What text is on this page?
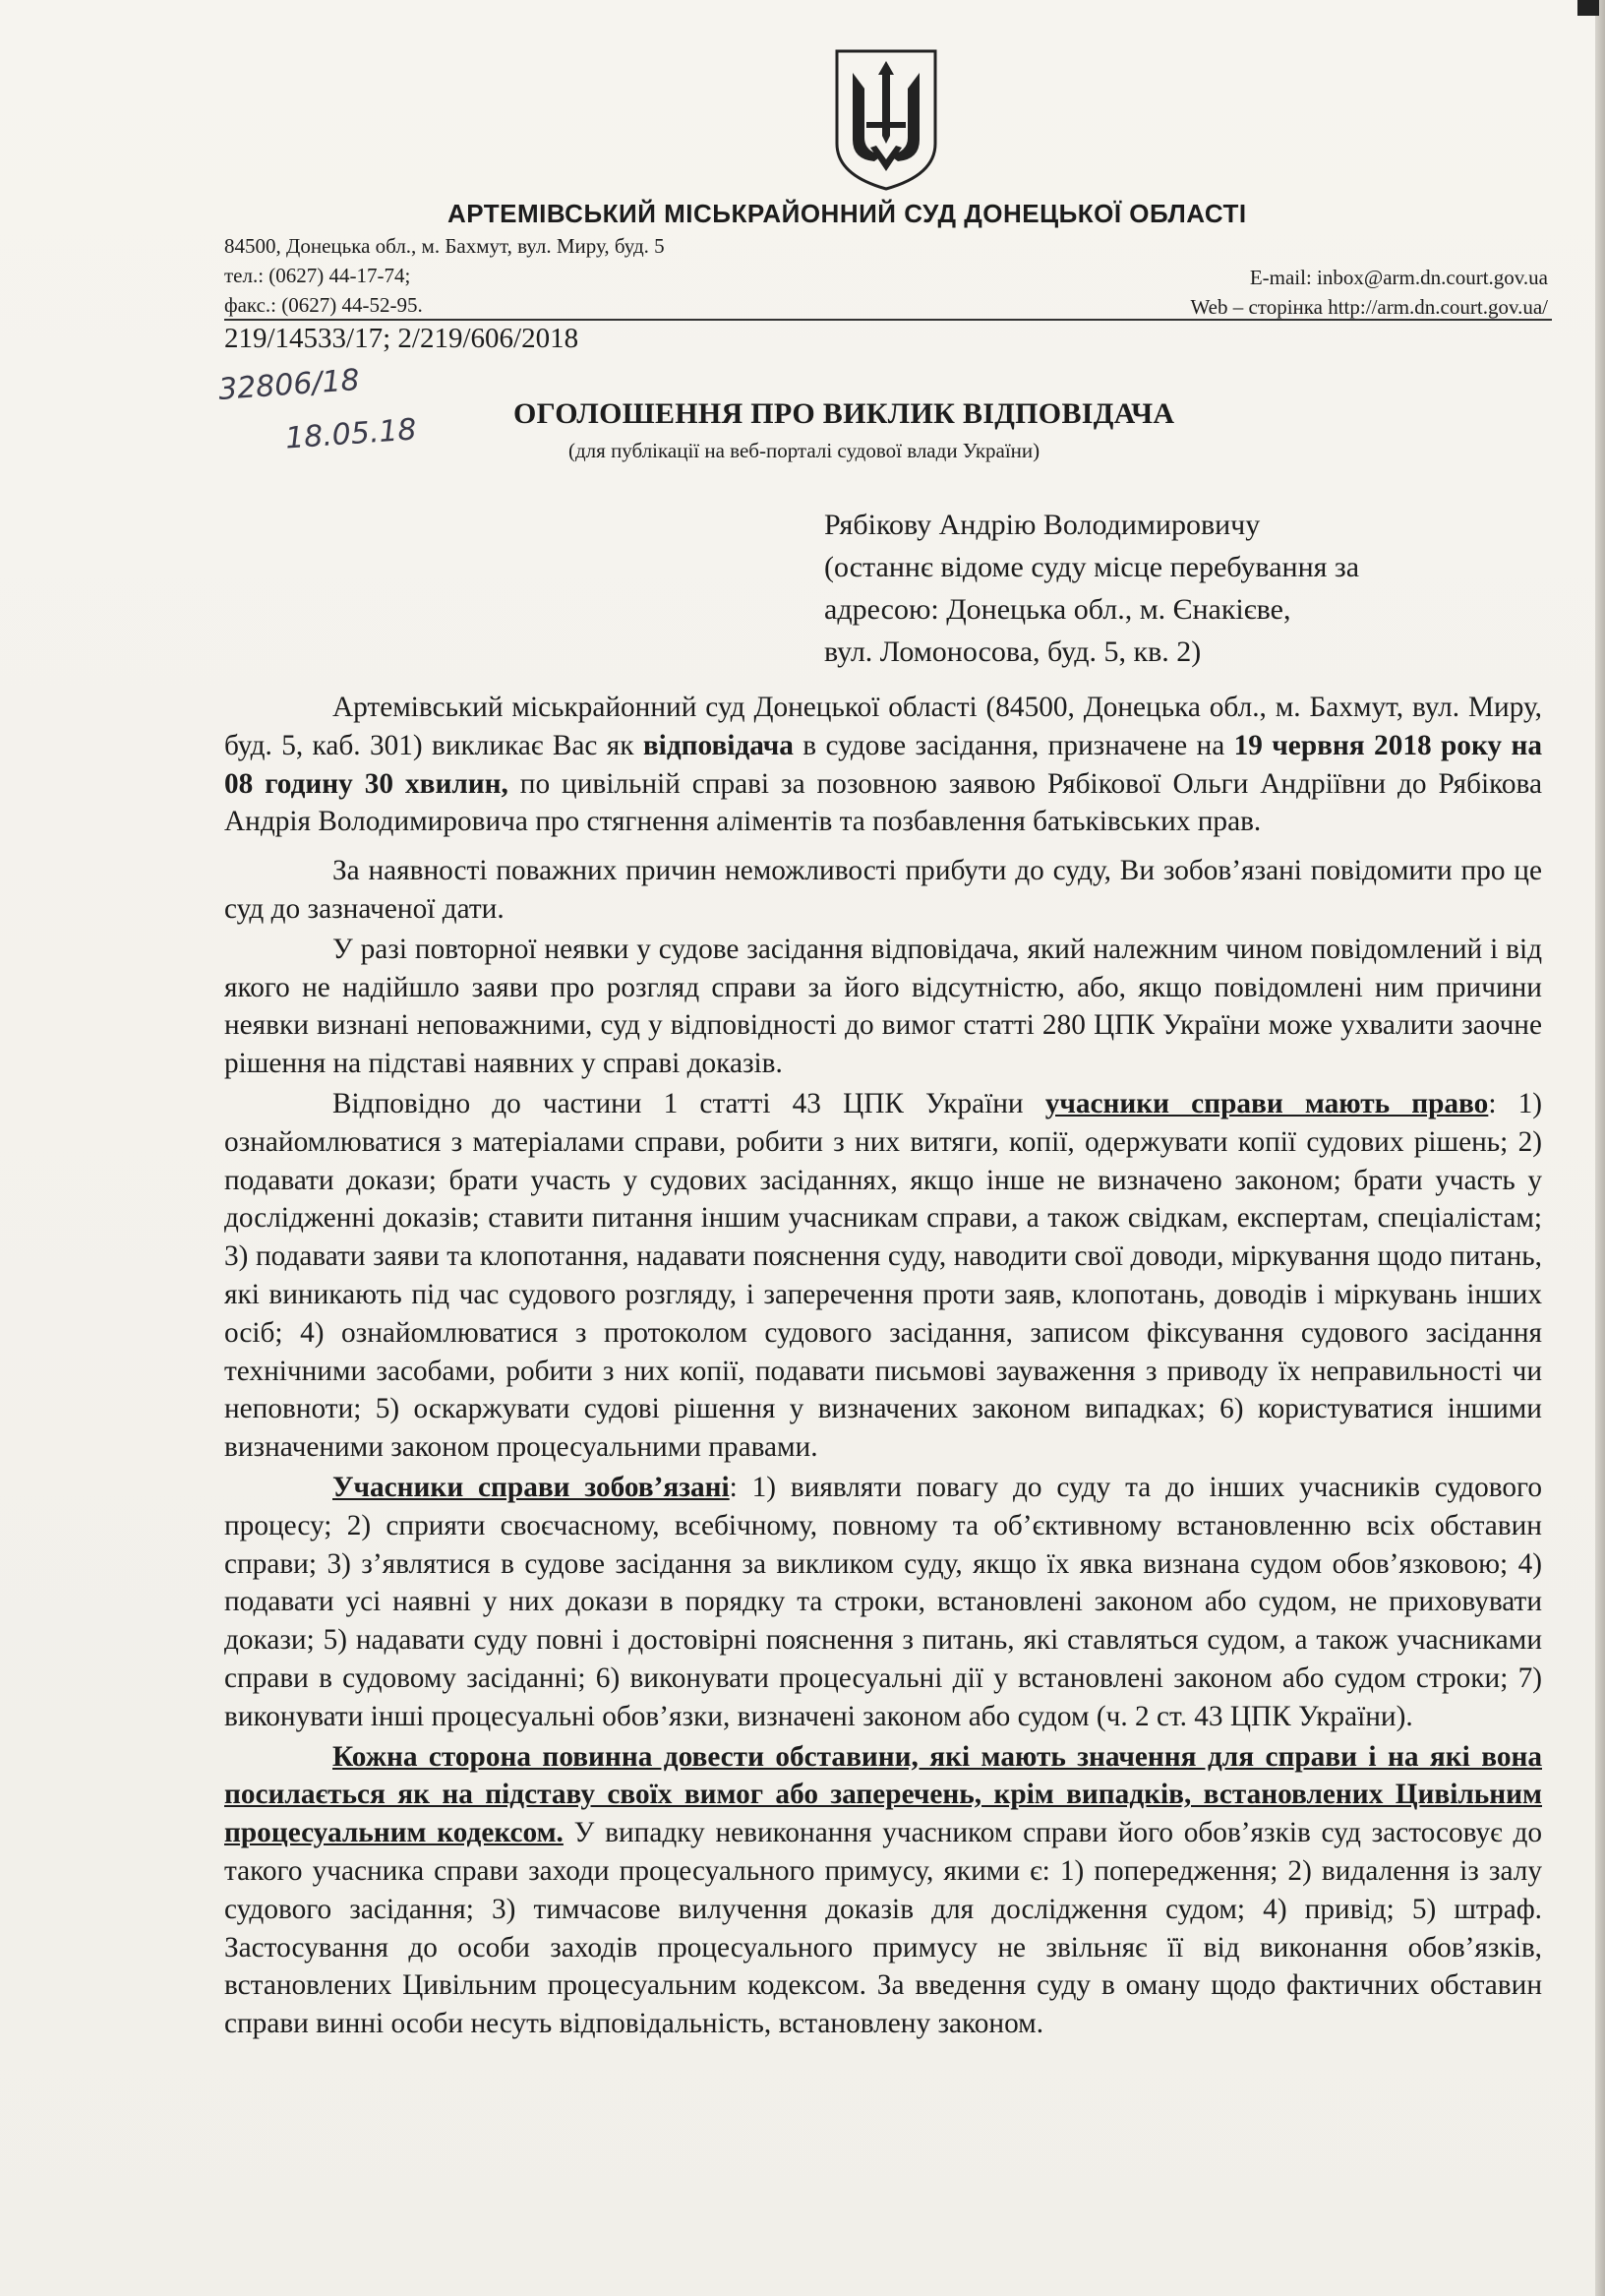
АРТЕМІВСЬКИЙ МІСЬКРАЙОННИЙ СУД ДОНЕЦЬКОЇ ОБЛАСТІ
84500, Донецька обл., м. Бахмут, вул. Миру, буд. 5
тел.: (0627) 44-17-74;
факс.: (0627) 44-52-95.
E-mail: inbox@arm.dn.court.gov.ua
Web – сторінка http://arm.dn.court.gov.ua/
219/14533/17; 2/219/606/2018
32806/18
18.05.18	ОГОЛОШЕННЯ ПРО ВИКЛИК ВІДПОВІДАЧА
(для публікації на веб-порталі судової влади України)
Рябікову Андрію Володимировичу
(останнє відоме суду місце перебування за
адресою: Донецька обл., м. Єнакієве,
вул. Ломоносова, буд. 5, кв. 2)

Артемівський міськрайонний суд Донецької області (84500, Донецька обл., м. Бахмут, вул. Миру, буд. 5, каб. 301) викликає Вас як відповідача в судове засідання, призначене на 19 червня 2018 року на 08 годину 30 хвилин, по цивільній справі за позовною заявою Рябікової Ольги Андріївни до Рябікова Андрія Володимировича про стягнення аліментів та позбавлення батьківських прав.

За наявності поважних причин неможливості прибути до суду, Ви зобов’язані повідомити про це суд до зазначеної дати.

У разі повторної неявки у судове засідання відповідача, який належним чином повідомлений і від якого не надійшло заяви про розгляд справи за його відсутністю, або, якщо повідомлені ним причини неявки визнані неповажними, суд у відповідності до вимог статті 280 ЦПК України може ухвалити заочне рішення на підставі наявних у справі доказів.

Відповідно до частини 1 статті 43 ЦПК України учасники справи мають право: 1) ознайомлюватися з матеріалами справи, робити з них витяги, копії, одержувати копії судових рішень; 2) подавати докази; брати участь у судових засіданнях, якщо інше не визначено законом; брати участь у дослідженні доказів; ставити питання іншим учасникам справи, а також свідкам, експертам, спеціалістам; 3) подавати заяви та клопотання, надавати пояснення суду, наводити свої доводи, міркування щодо питань, які виникають під час судового розгляду, і заперечення проти заяв, клопотань, доводів і міркувань інших осіб; 4) ознайомлюватися з протоколом судового засідання, записом фіксування судового засідання технічними засобами, робити з них копії, подавати письмові зауваження з приводу їх неправильності чи неповноти; 5) оскаржувати судові рішення у визначених законом випадках; 6) користуватися іншими визначеними законом процесуальними правами.

Учасники справи зобов’язані: 1) виявляти повагу до суду та до інших учасників судового процесу; 2) сприяти своєчасному, всебічному, повному та об’єктивному встановленню всіх обставин справи; 3) з’являтися в судове засідання за викликом суду, якщо їх явка визнана судом обов’язковою; 4) подавати усі наявні у них докази в порядку та строки, встановлені законом або судом, не приховувати докази; 5) надавати суду повні і достовірні пояснення з питань, які ставляться судом, а також учасниками справи в судовому засіданні; 6) виконувати процесуальні дії у встановлені законом або судом строки; 7) виконувати інші процесуальні обов’язки, визначені законом або судом (ч. 2 ст. 43 ЦПК України).

Кожна сторона повинна довести обставини, які мають значення для справи і на які вона посилається як на підставу своїх вимог або заперечень, крім випадків, встановлених Цивільним процесуальним кодексом. У випадку невиконання учасником справи його обов’язків суд застосовує до такого учасника справи заходи процесуального примусу, якими є: 1) попередження; 2) видалення із залу судового засідання; 3) тимчасове вилучення доказів для дослідження судом; 4) привід; 5) штраф. Застосування до особи заходів процесуального примусу не звільняє її від виконання обов’язків, встановлених Цивільним процесуальним кодексом. За введення суду в оману щодо фактичних обставин справи винні особи несуть відповідальність, встановлену законом.
